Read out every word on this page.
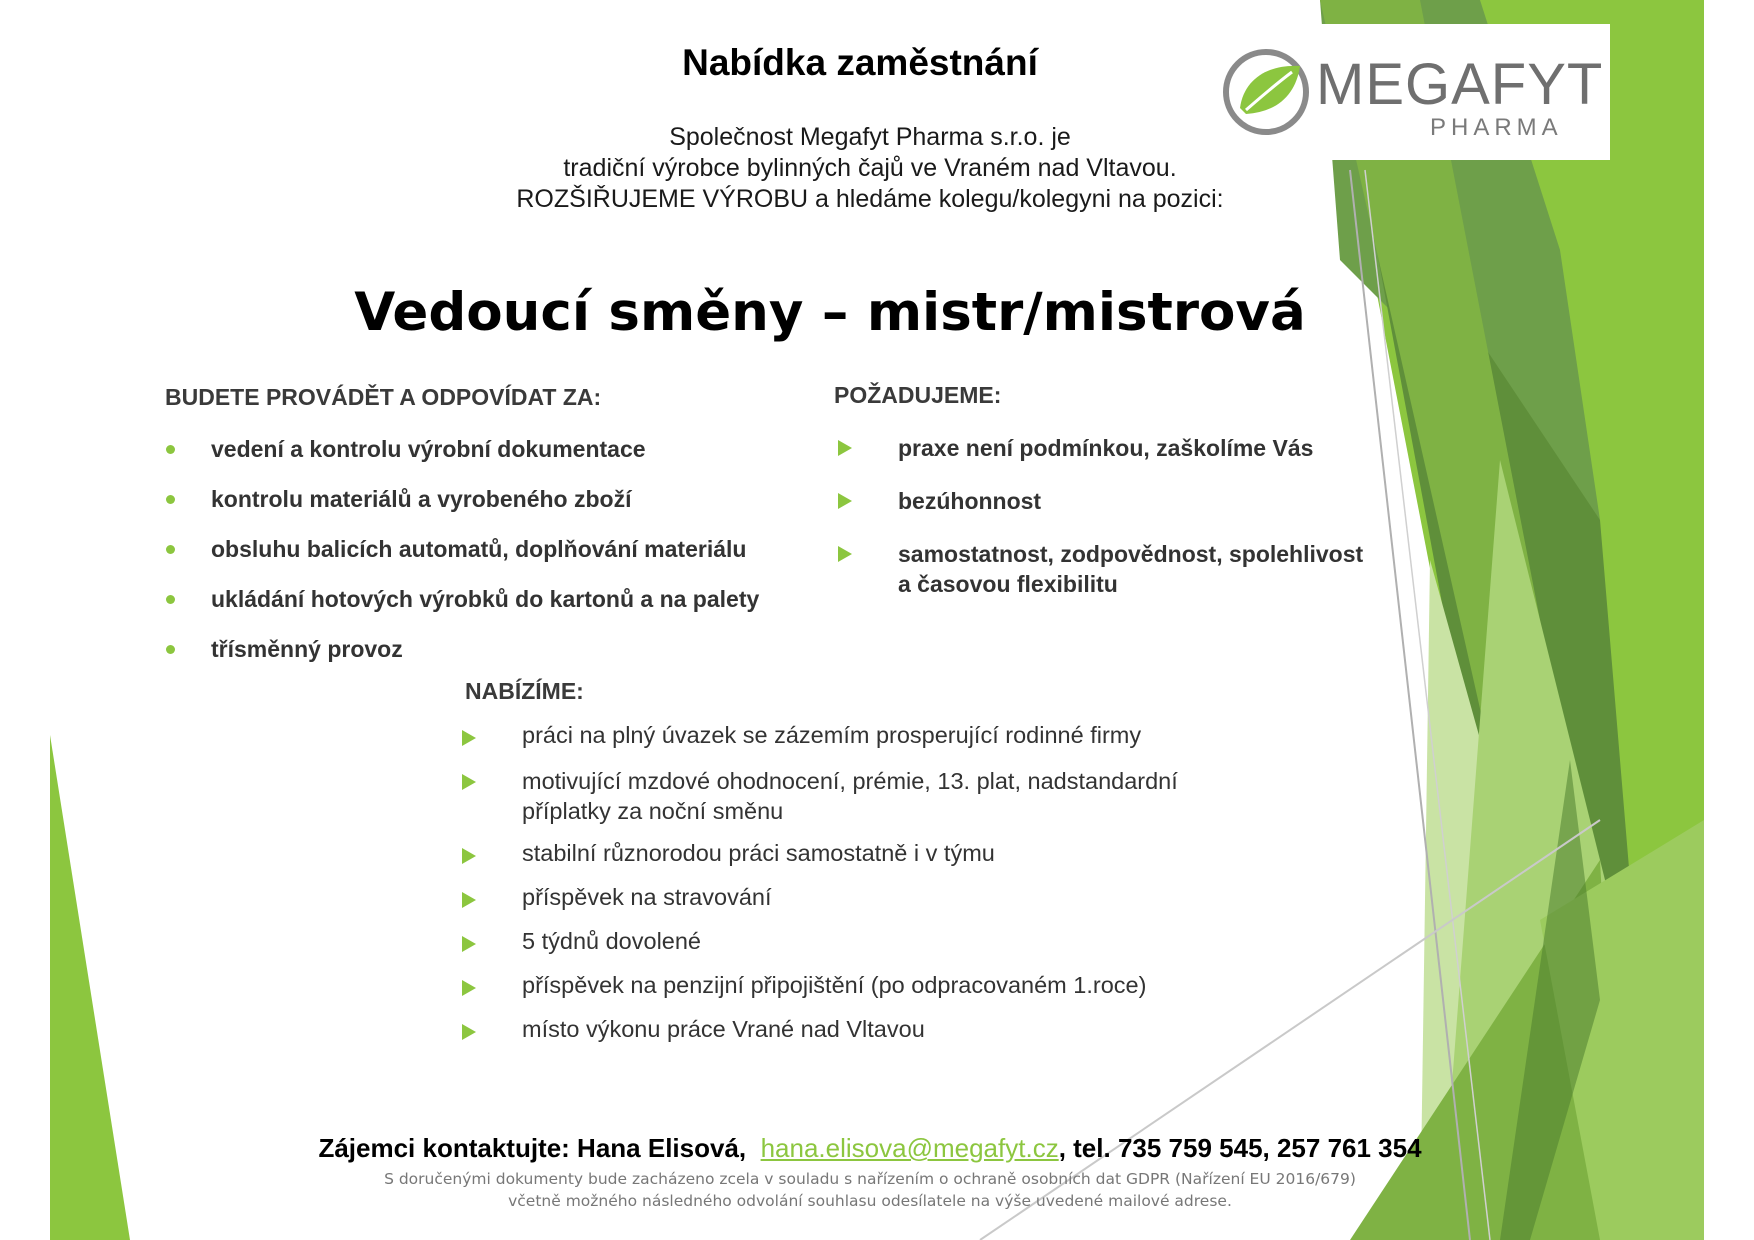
MEGAFYT
PHARMA
Nabídka zaměstnání
Společnost Megafyt Pharma s.r.o. je
tradiční výrobce bylinných čajů ve Vraném nad Vltavou.
ROZŠIŘUJEME VÝROBU a hledáme kolegu/kolegyni na pozici:
Vedoucí směny – mistr/mistrová
BUDETE PROVÁDĚT A ODPOVÍDAT ZA:
vedení a kontrolu výrobní dokumentace
kontrolu materiálů a vyrobeného zboží
obsluhu balicích automatů, doplňování materiálu
ukládání hotových výrobků do kartonů a na palety
třísměnný provoz
POŽADUJEME:
praxe není podmínkou, zaškolíme Vás
bezúhonnost
samostatnost, zodpovědnost, spolehlivost
a časovou flexibilitu
NABÍZÍME:
práci na plný úvazek se zázemím prosperující rodinné firmy
motivující mzdové ohodnocení, prémie, 13. plat, nadstandardní
příplatky za noční směnu
stabilní různorodou práci samostatně i v týmu
příspěvek na stravování
5 týdnů dovolené
příspěvek na penzijní připojištění (po odpracovaném 1.roce)
místo výkonu práce Vrané nad Vltavou
Zájemci kontaktujte: Hana Elisová, hana.elisova@megafyt.cz, tel. 735 759 545, 257 761 354
S doručenými dokumenty bude zacházeno zcela v souladu s nařízením o ochraně osobních dat GDPR (Nařízení EU 2016/679)
včetně možného následného odvolání souhlasu odesílatele na výše uvedené mailové adrese.
